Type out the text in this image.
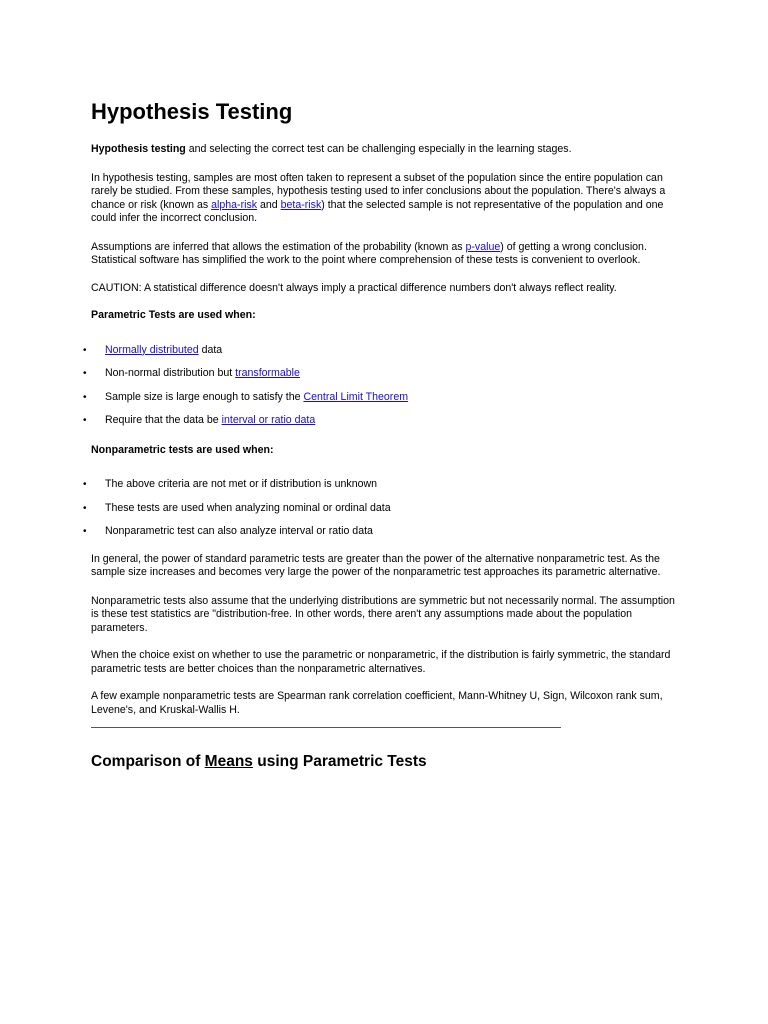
Hypothesis Testing

Hypothesis testing and selecting the correct test can be challenging especially in the learning stages.

In hypothesis testing, samples are most often taken to represent a subset of the population since the entire population can rarely be studied. From these samples, hypothesis testing used to infer conclusions about the population. There's always a chance or risk (known as alpha-risk and beta-risk) that the selected sample is not representative of the population and one could infer the incorrect conclusion.

Assumptions are inferred that allows the estimation of the probability (known as p-value) of getting a wrong conclusion. Statistical software has simplified the work to the point where comprehension of these tests is convenient to overlook.

CAUTION: A statistical difference doesn't always imply a practical difference numbers don't always reflect reality.

Parametric Tests are used when:

• Normally distributed data
• Non-normal distribution but transformable
• Sample size is large enough to satisfy the Central Limit Theorem
• Require that the data be interval or ratio data

Nonparametric tests are used when:

• The above criteria are not met or if distribution is unknown
• These tests are used when analyzing nominal or ordinal data
• Nonparametric test can also analyze interval or ratio data

In general, the power of standard parametric tests are greater than the power of the alternative nonparametric test. As the sample size increases and becomes very large the power of the nonparametric test approaches its parametric alternative.

Nonparametric tests also assume that the underlying distributions are symmetric but not necessarily normal. The assumption is these test statistics are "distribution-free. In other words, there aren't any assumptions made about the population parameters.

When the choice exist on whether to use the parametric or nonparametric, if the distribution is fairly symmetric, the standard parametric tests are better choices than the nonparametric alternatives.

A few example nonparametric tests are Spearman rank correlation coefficient, Mann-Whitney U, Sign, Wilcoxon rank sum, Levene's, and Kruskal-Wallis H.

Comparison of Means using Parametric Tests
